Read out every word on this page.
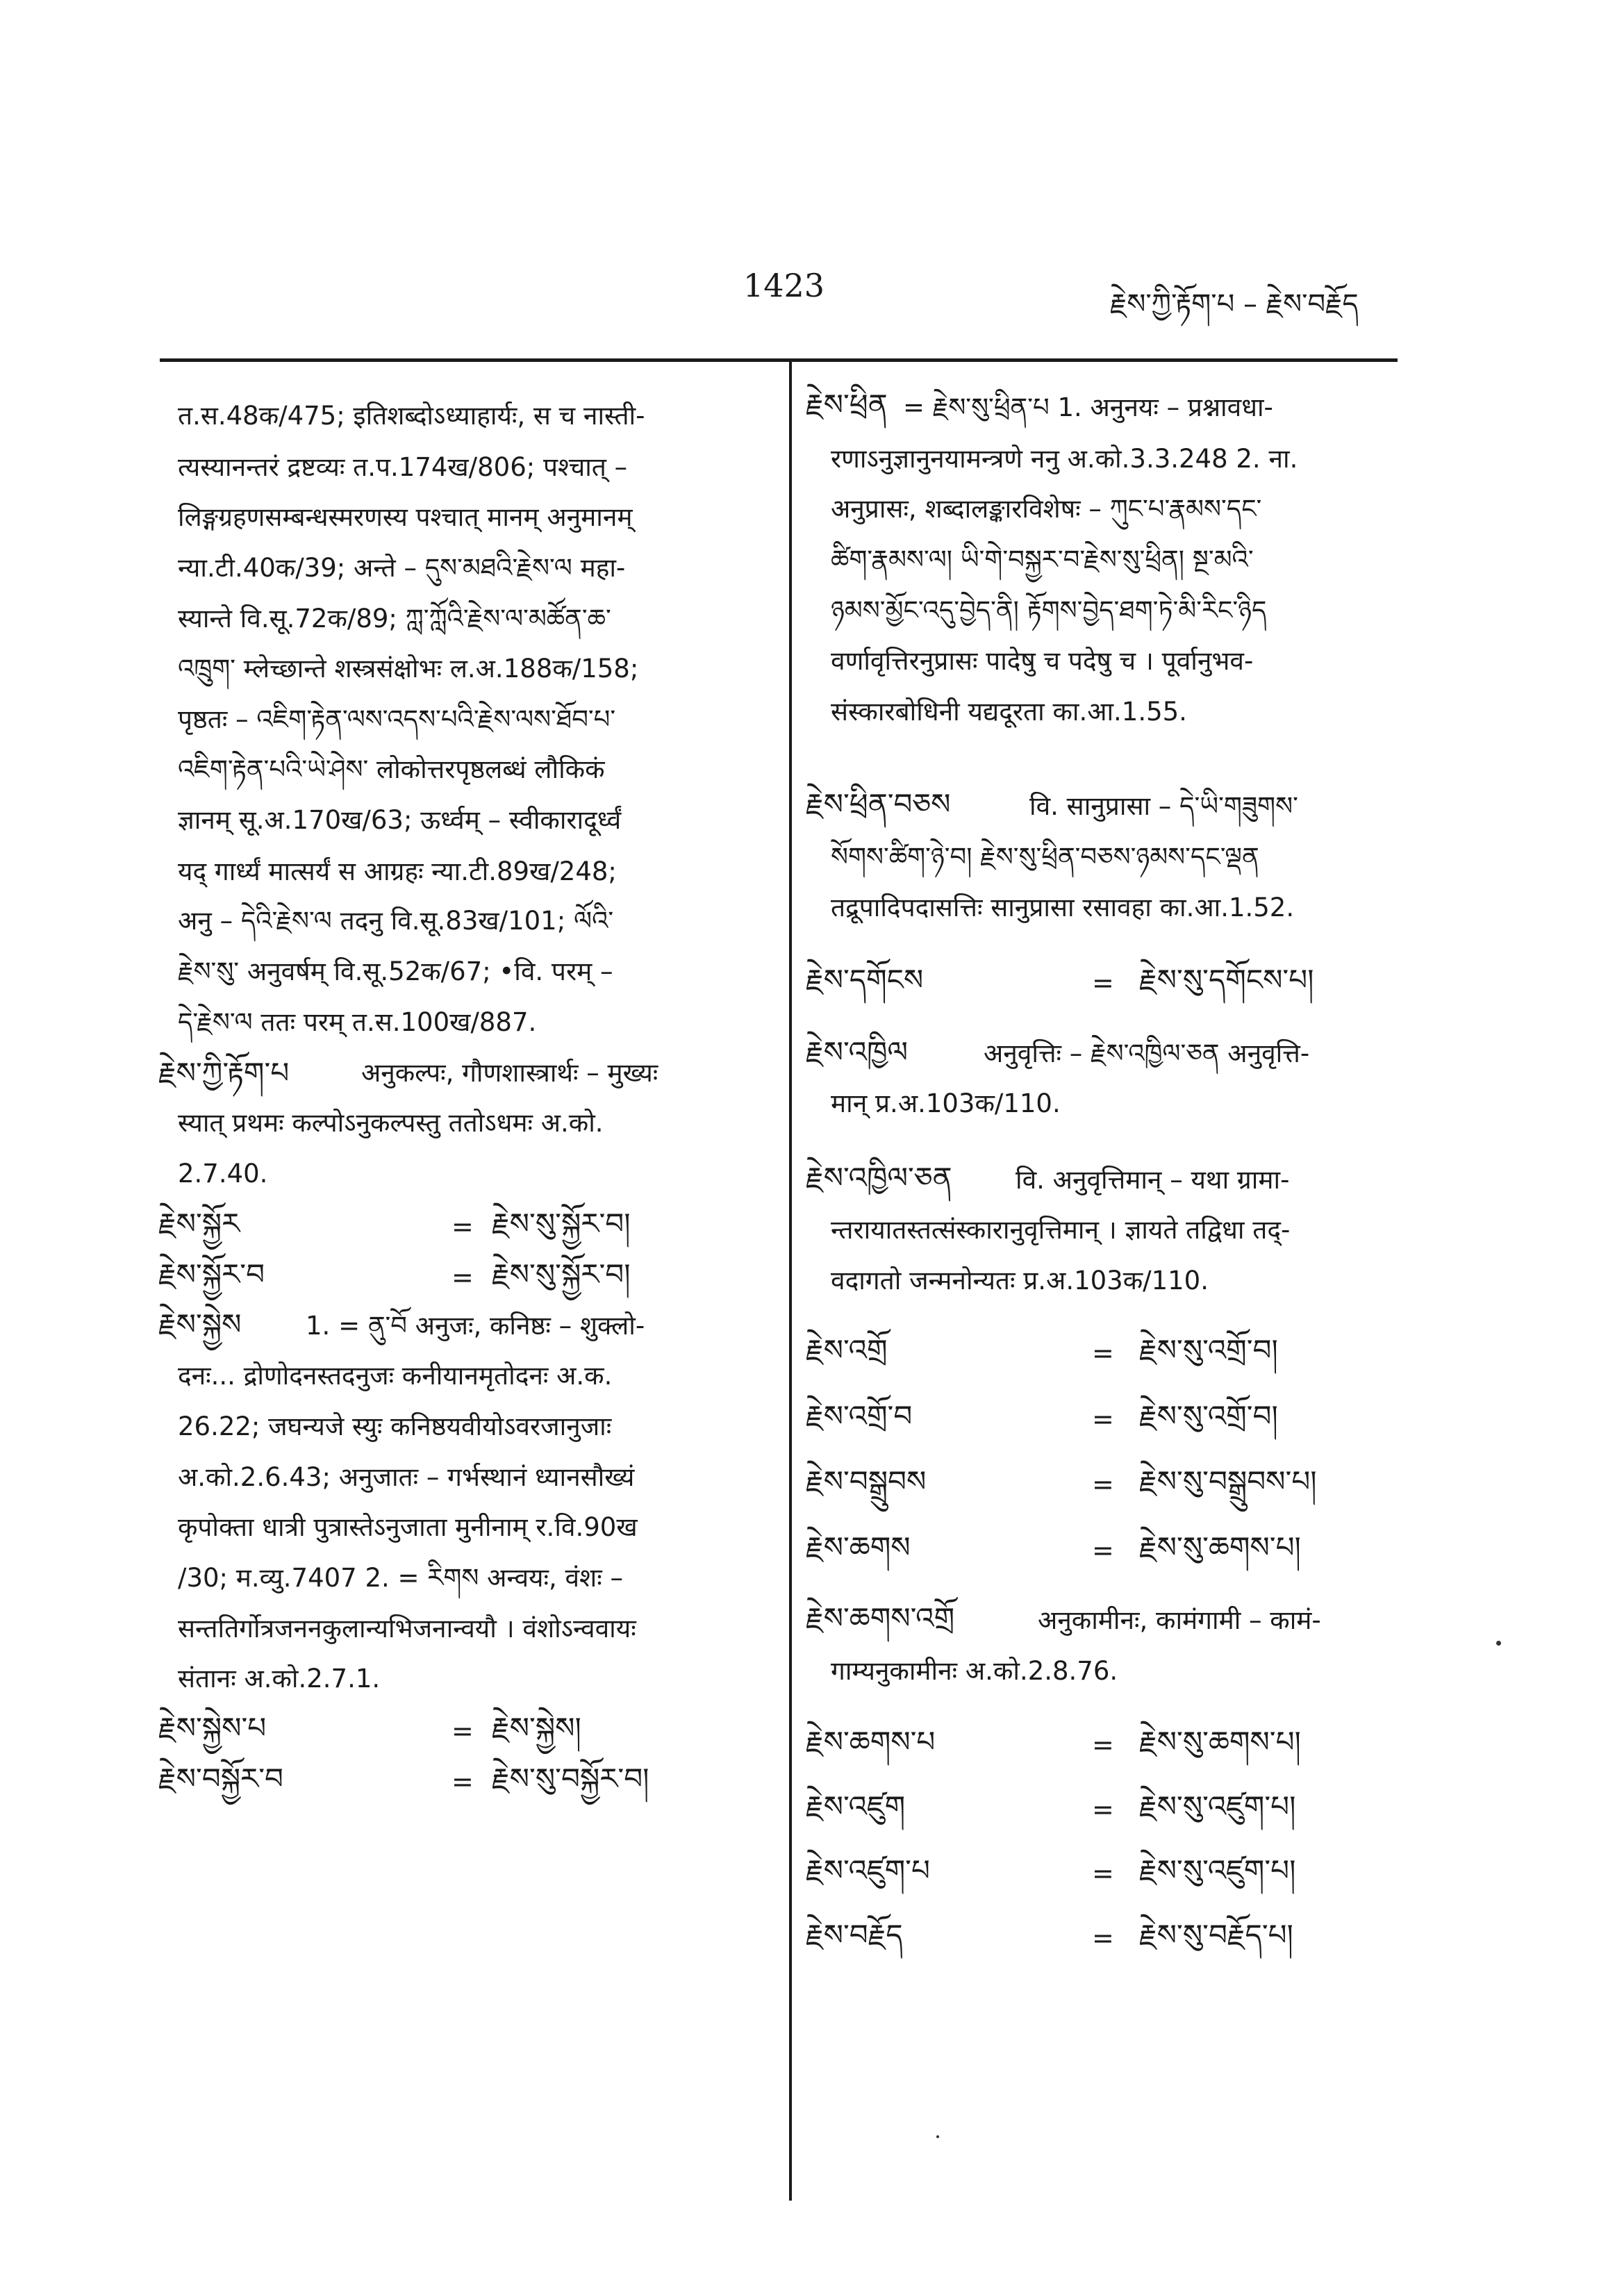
1423	རྗེས་ཀྱི་རྟོག་པ – རྗེས་བརྗོད
त.स.48क/475; इतिशब्दोऽध्याहार्यः, स च नास्ती-
त्यस्यानन्तरं द्रष्टव्यः त.प.174ख/806; पश्चात् –
लिङ्गग्रहणसम्बन्धस्मरणस्य पश्चात् मानम् अनुमानम्
न्या.टी.40क/39; अन्ते – དུས་མཐའི་རྗེས་ལ महा-
स्यान्ते वि.सू.72क/89; ཀླ་ཀློའི་རྗེས་ལ་མཚོན་ཆ་
འཁྲུག་ म्लेच्छान्ते शस्त्रसंक्षोभः ल.अ.188क/158;
पृष्ठतः – འཇིག་རྟེན་ལས་འདས་པའི་རྗེས་ལས་ཐོབ་པ་
འཇིག་རྟེན་པའི་ཡེ་ཤེས་ लोकोत्तरपृष्ठलब्धं लौकिकं
ज्ञानम् सू.अ.170ख/63; ऊर्ध्वम् – स्वीकारादूर्ध्वं
यद् गार्ध्यं मात्सर्यं स आग्रहः न्या.टी.89ख/248;
अनु – དེའི་རྗེས་ལ तदनु वि.सू.83ख/101; ལོའི་
རྗེས་སུ་ अनुवर्षम् वि.सू.52क/67; •वि. परम् –
དེ་རྗེས་ལ ततः परम् त.स.100ख/887.
རྗེས་ཀྱི་རྟོག་པ	अनुकल्पः, गौणशास्त्रार्थः – मुख्यः
स्यात् प्रथमः कल्पोऽनुकल्पस्तु ततोऽधमः अ.को.
2.7.40.
རྗེས་སྐྱོར	= རྗེས་སུ་སྐྱོར་བ།
རྗེས་སྐྱོར་བ	= རྗེས་སུ་སྐྱོར་བ།
རྗེས་སྐྱེས	1. = ནུ་བོ अनुजः, कनिष्ठः – शुक्लो-
दनः... द्रोणोदनस्तदनुजः कनीयानमृतोदनः अ.क.
26.22; जघन्यजे स्युः कनिष्ठयवीयोऽवरजानुजाः
अ.को.2.6.43; अनुजातः – गर्भस्थानं ध्यानसौख्यं
कृपोक्ता धात्री पुत्रास्तेऽनुजाता मुनीनाम् र.वि.90ख
/30; म.व्यु.7407 2. = རིགས अन्वयः, वंशः –
सन्ततिर्गोत्रजननकुलान्यभिजनान्वयौ । वंशोऽन्ववायः
संतानः अ.को.2.7.1.
རྗེས་སྐྱེས་པ	= རྗེས་སྐྱེས།
རྗེས་བསྐྱོར་བ	= རྗེས་སུ་བསྐྱོར་བ།
རྗེས་ཕྲིན = རྗེས་སུ་ཕྲིན་པ 1. अनुनयः – प्रश्नावधा-
रणाऽनुज्ञानुनयामन्त्रणे ननु अ.को.3.3.248 2. ना.
अनुप्रासः, शब्दालङ्कारविशेषः – ཀུང་པ་རྣམས་དང་
ཚིག་རྣམས་ལ། ཡི་གེ་བསྐྱར་བ་རྗེས་སུ་ཕྲིན། སྔ་མའི་
ཉམས་མྱོང་འདུ་བྱེད་ནི། རྟོགས་བྱེད་ཐག་ཏེ་མི་རིང་ཉིད
वर्णावृत्तिरनुप्रासः पादेषु च पदेषु च । पूर्वानुभव-
संस्कारबोधिनी यद्यदूरता का.आ.1.55.
རྗེས་ཕྲིན་བཅས	वि. सानुप्रासा – དེ་ཡི་གཟུགས་
སོགས་ཚིག་ཉེ་བ། རྗེས་སུ་ཕྲིན་བཅས་ཉམས་དང་ལྡན
तद्रूपादिपदासत्तिः सानुप्रासा रसावहा का.आ.1.52.
རྗེས་དགོངས	= རྗེས་སུ་དགོངས་པ།
རྗེས་འཁྱིལ	अनुवृत्तिः – རྗེས་འཁྱིལ་ཅན अनुवृत्ति-
मान् प्र.अ.103क/110.
རྗེས་འཁྱིལ་ཅན वि. अनुवृत्तिमान् – यथा ग्रामा-
न्तरायातस्तत्संस्कारानुवृत्तिमान् । ज्ञायते तद्विधा तद्-
वदागतो जन्मनोन्यतः प्र.अ.103क/110.
རྗེས་འགྲོ	= རྗེས་སུ་འགྲོ་བ།
རྗེས་འགྲོ་བ	= རྗེས་སུ་འགྲོ་བ།
རྗེས་བསྒྲུབས	= རྗེས་སུ་བསྒྲུབས་པ།
རྗེས་ཆགས	= རྗེས་སུ་ཆགས་པ།
རྗེས་ཆགས་འགྲོ	अनुकामीनः, कामंगामी – कामं-
गाम्यनुकामीनः अ.को.2.8.76.
རྗེས་ཆགས་པ	= རྗེས་སུ་ཆགས་པ།
རྗེས་འཛུག	= རྗེས་སུ་འཛུག་པ།
རྗེས་འཛུག་པ	= རྗེས་སུ་འཛུག་པ།
རྗེས་བརྗོད	= རྗེས་སུ་བརྗོད་པ།
